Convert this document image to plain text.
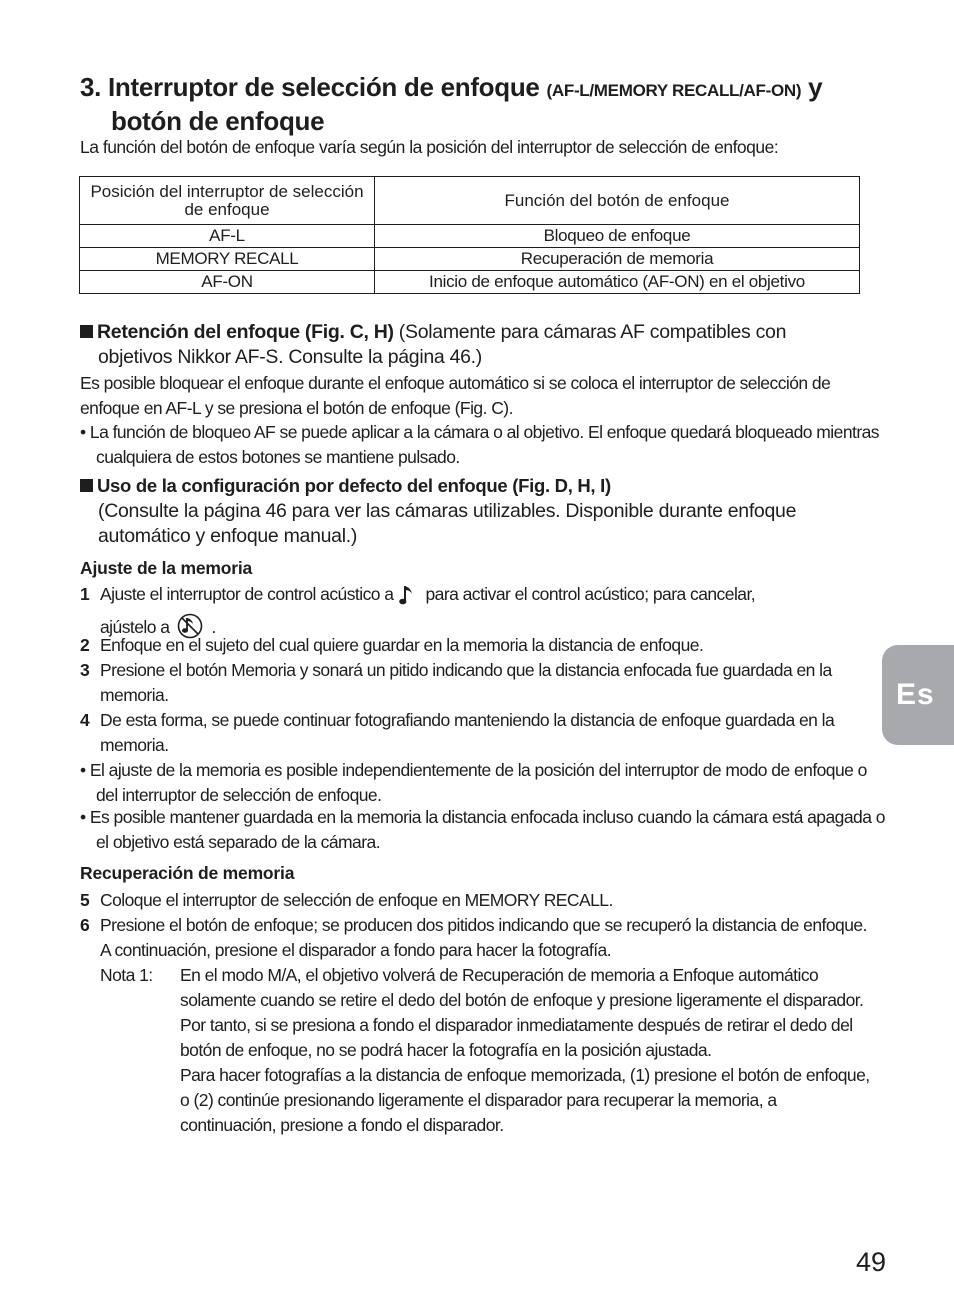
3. Interruptor de selección de enfoque (AF-L/MEMORY RECALL/AF-ON) y
botón de enfoque
La función del botón de enfoque varía según la posición del interruptor de selección de enfoque:
Posición del interruptor de selección de enfoque	Función del botón de enfoque
AF-L	Bloqueo de enfoque
MEMORY RECALL	Recuperación de memoria
AF-ON	Inicio de enfoque automático (AF-ON) en el objetivo
Retención del enfoque (Fig. C, H) (Solamente para cámaras AF compatibles con
objetivos Nikkor AF-S. Consulte la página 46.)
Es posible bloquear el enfoque durante el enfoque automático si se coloca el interruptor de selección de enfoque en AF-L y se presiona el botón de enfoque (Fig. C).
• La función de bloqueo AF se puede aplicar a la cámara o al objetivo. El enfoque quedará bloqueado mientras cualquiera de estos botones se mantiene pulsado.
Uso de la configuración por defecto del enfoque (Fig. D, H, I)
(Consulte la página 46 para ver las cámaras utilizables. Disponible durante enfoque automático y enfoque manual.)
Ajuste de la memoria
1 Ajuste el interruptor de control acústico a para activar el control acústico; para cancelar,
ajústelo a .
2 Enfoque en el sujeto del cual quiere guardar en la memoria la distancia de enfoque.
3 Presione el botón Memoria y sonará un pitido indicando que la distancia enfocada fue guardada en la memoria.
4 De esta forma, se puede continuar fotografiando manteniendo la distancia de enfoque guardada en la memoria.
• El ajuste de la memoria es posible independientemente de la posición del interruptor de modo de enfoque o del interruptor de selección de enfoque.
• Es posible mantener guardada en la memoria la distancia enfocada incluso cuando la cámara está apagada o el objetivo está separado de la cámara.
Recuperación de memoria
5 Coloque el interruptor de selección de enfoque en MEMORY RECALL.
6 Presione el botón de enfoque; se producen dos pitidos indicando que se recuperó la distancia de enfoque. A continuación, presione el disparador a fondo para hacer la fotografía.
Nota 1: En el modo M/A, el objetivo volverá de Recuperación de memoria a Enfoque automático solamente cuando se retire el dedo del botón de enfoque y presione ligeramente el disparador. Por tanto, si se presiona a fondo el disparador inmediatamente después de retirar el dedo del botón de enfoque, no se podrá hacer la fotografía en la posición ajustada.
Para hacer fotografías a la distancia de enfoque memorizada, (1) presione el botón de enfoque, o (2) continúe presionando ligeramente el disparador para recuperar la memoria, a continuación, presione a fondo el disparador.
Es
49
